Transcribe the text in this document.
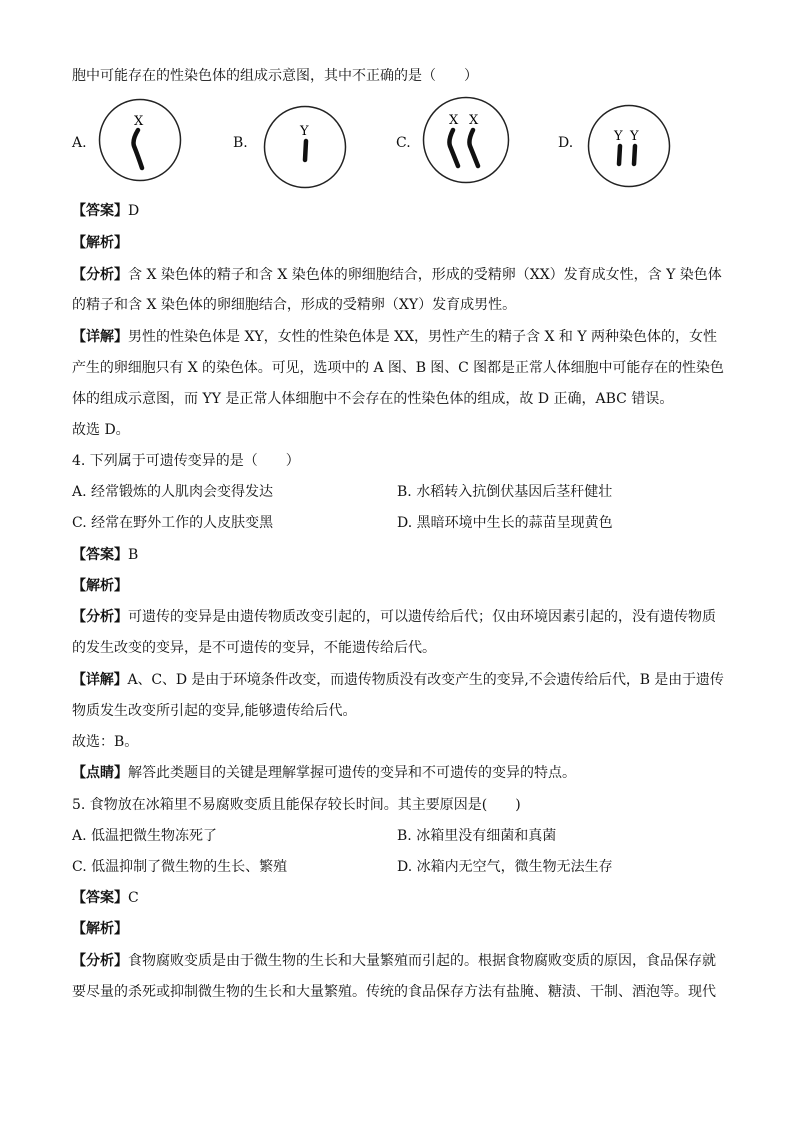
胞中可能存在的性染色体的组成示意图，其中不正确的是（　　）
A.
X
B.
Y
C.
X X
D.	Y Y
【答案】D
【解析】
【分析】含 X 染色体的精子和含 X 染色体的卵细胞结合，形成的受精卵（XX）发育成女性，含 Y 染色体
的精子和含 X 染色体的卵细胞结合，形成的受精卵（XY）发育成男性。
【详解】男性的性染色体是 XY，女性的性染色体是 XX，男性产生的精子含 X 和 Y 两种染色体的，女性
产生的卵细胞只有 X 的染色体。可见，选项中的 A 图、B 图、C 图都是正常人体细胞中可能存在的性染色
体的组成示意图，而 YY 是正常人体细胞中不会存在的性染色体的组成，故 D 正确，ABC 错误。
故选 D。
4. 下列属于可遗传变异的是（　　）
A. 经常锻炼的人肌肉会变得发达	B. 水稻转入抗倒伏基因后茎秆健壮
C. 经常在野外工作的人皮肤变黑	D. 黑暗环境中生长的蒜苗呈现黄色
【答案】B
【解析】
【分析】可遗传的变异是由遗传物质改变引起的，可以遗传给后代；仅由环境因素引起的，没有遗传物质
的发生改变的变异，是不可遗传的变异，不能遗传给后代。
【详解】A、C、D 是由于环境条件改变，而遗传物质没有改变产生的变异,不会遗传给后代，B 是由于遗传
物质发生改变所引起的变异,能够遗传给后代。
故选：B。
【点睛】解答此类题目的关键是理解掌握可遗传的变异和不可遗传的变异的特点。
5. 食物放在冰箱里不易腐败变质且能保存较长时间。其主要原因是(　　)
A. 低温把微生物冻死了	B. 冰箱里没有细菌和真菌
C. 低温抑制了微生物的生长、繁殖	D. 冰箱内无空气，微生物无法生存
【答案】C
【解析】
【分析】食物腐败变质是由于微生物的生长和大量繁殖而引起的。根据食物腐败变质的原因，食品保存就
要尽量的杀死或抑制微生物的生长和大量繁殖。传统的食品保存方法有盐腌、糖渍、干制、酒泡等。现代
